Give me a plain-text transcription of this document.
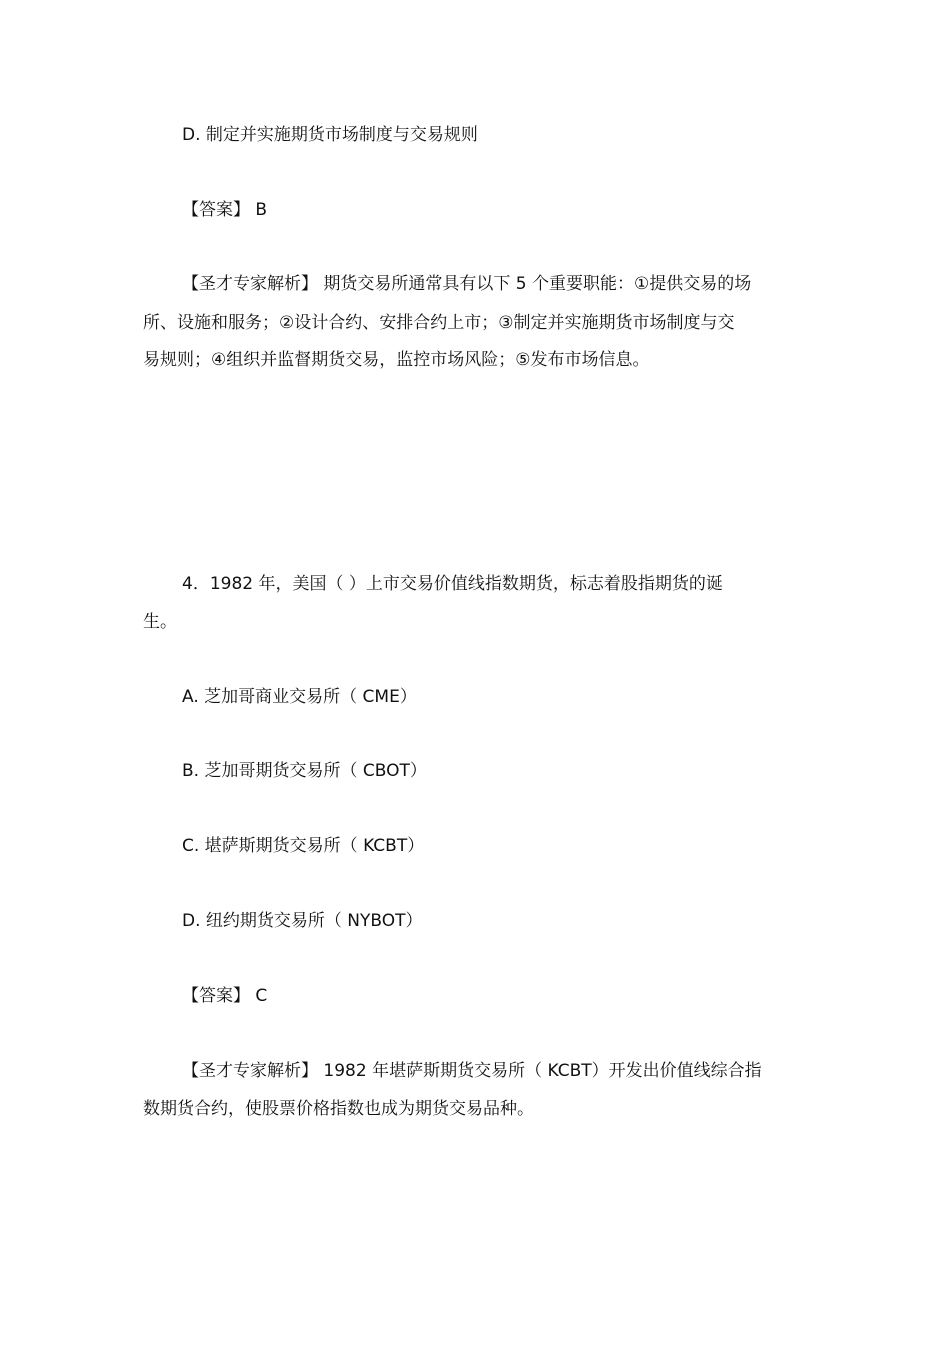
D. 制定并实施期货市场制度与交易规则
【答案】 B
【圣才专家解析】 期货交易所通常具有以下 5 个重要职能：①提供交易的场
所、设施和服务；②设计合约、安排合约上市；③制定并实施期货市场制度与交
易规则；④组织并监督期货交易，监控市场风险；⑤发布市场信息。
4．1982 年，美国（ ）上市交易价值线指数期货，标志着股指期货的诞
生。
A. 芝加哥商业交易所（ CME）
B. 芝加哥期货交易所（ CBOT）
C. 堪萨斯期货交易所（ KCBT）
D. 纽约期货交易所（ NYBOT）
【答案】 C
【圣才专家解析】 1982 年堪萨斯期货交易所（ KCBT）开发出价值线综合指
数期货合约，使股票价格指数也成为期货交易品种。
